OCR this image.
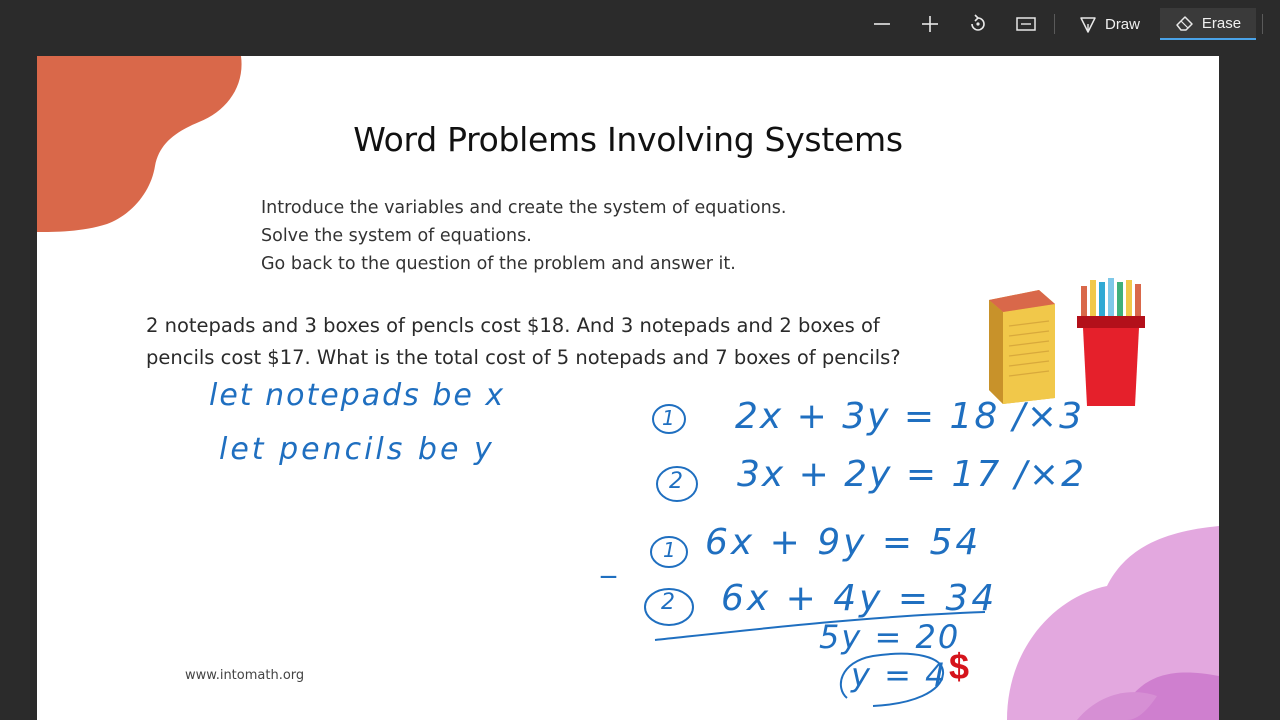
Draw	Erase
Word Problems Involving Systems
Introduce the variables and create the system of equations.
Solve the system of equations.
Go back to the question of the problem and answer it.
2 notepads and 3 boxes of pencls cost $18. And 3 notepads and 2 boxes of
pencils cost $17. What is the total cost of 5 notepads and 7 boxes of pencils?
let notepads be x
let pencils be y
1 2x + 3y = 18 /×3
2 3x + 2y = 17 /×2
1 6x + 9y = 54
_
2 6x + 4y = 34
5y = 20
y = 4 $
www.intomath.org
